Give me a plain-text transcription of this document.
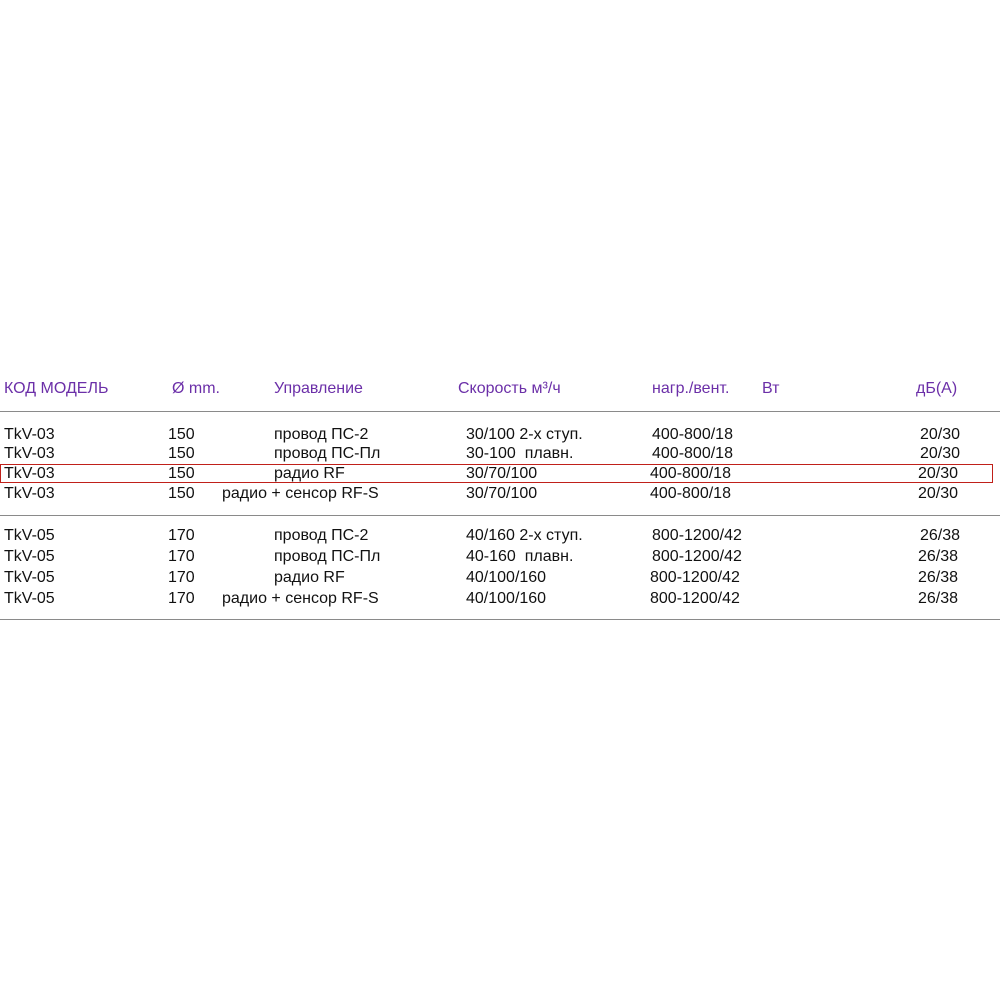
КОД МОДЕЛЬ	Ø mm.	Управление	Скорость м³/ч	нагр./вент. Вт	дБ(А)
TkV-03	150	провод ПС-2	30/100 2-х ступ.	400-800/18	20/30
TkV-03	150	провод ПС-Пл	30-100  плавн.	400-800/18	20/30
TkV-03	150	радио RF	30/70/100	400-800/18	20/30
TkV-03	150 радио + сенсор RF-S	30/70/100	400-800/18	20/30
TkV-05	170	провод ПС-2	40/160 2-х ступ.	800-1200/42	26/38
TkV-05	170	провод ПС-Пл	40-160  плавн.	800-1200/42	26/38
TkV-05	170	радио RF	40/100/160	800-1200/42	26/38
TkV-05	170 радио + сенсор RF-S	40/100/160	800-1200/42	26/38
